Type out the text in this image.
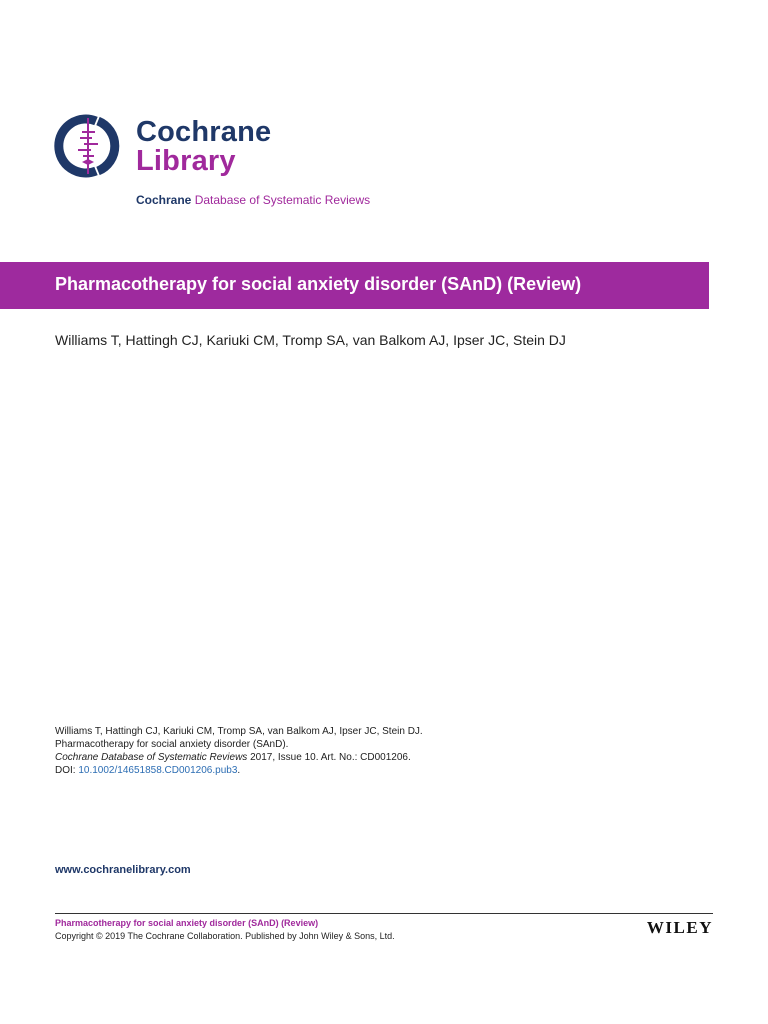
Cochrane
Library
Cochrane Database of Systematic Reviews
Pharmacotherapy for social anxiety disorder (SAnD) (Review)
Williams T, Hattingh CJ, Kariuki CM, Tromp SA, van Balkom AJ, Ipser JC, Stein DJ
Williams T, Hattingh CJ, Kariuki CM, Tromp SA, van Balkom AJ, Ipser JC, Stein DJ.
Pharmacotherapy for social anxiety disorder (SAnD).
Cochrane Database of Systematic Reviews 2017, Issue 10. Art. No.: CD001206.
DOI: 10.1002/14651858.CD001206.pub3.
www.cochranelibrary.com
Pharmacotherapy for social anxiety disorder (SAnD) (Review)
Copyright © 2019 The Cochrane Collaboration. Published by John Wiley & Sons, Ltd.	WILEY
